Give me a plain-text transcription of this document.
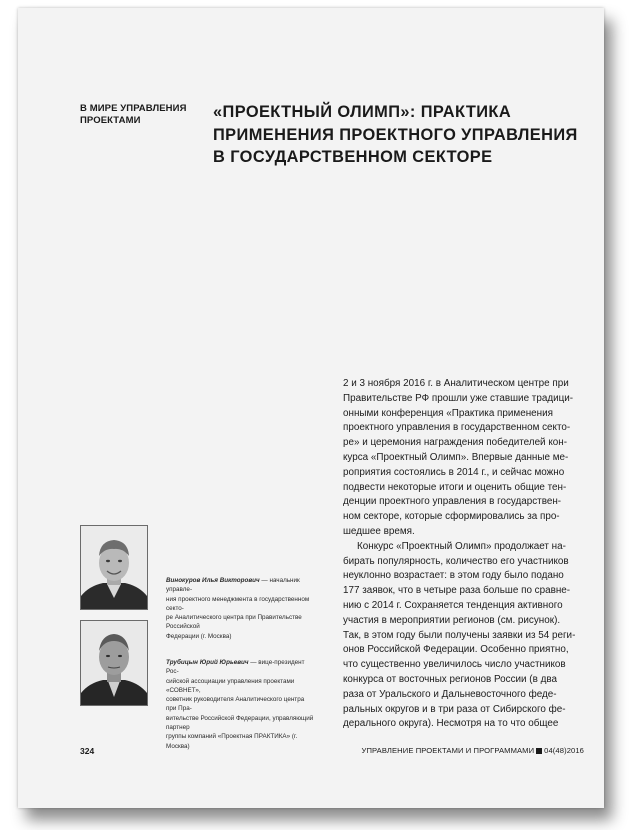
В МИРЕ УПРАВЛЕНИЯ
ПРОЕКТАМИ	«ПРОЕКТНЫЙ ОЛИМП»: ПРАКТИКА
ПРИМЕНЕНИЯ ПРОЕКТНОГО УПРАВЛЕНИЯ
В ГОСУДАРСТВЕННОМ СЕКТОРЕ

2 и 3 ноября 2016 г. в Аналитическом центре при
Правительстве РФ прошли уже ставшие традици-
онными конференция «Практика применения
проектного управления в государственном секто-
ре» и церемония награждения победителей кон-
курса «Проектный Олимп». Впервые данные ме-
роприятия состоялись в 2014 г., и сейчас можно
подвести некоторые итоги и оценить общие тен-
денции проектного управления в государствен-
ном секторе, которые сформировались за про-
шедшее время.

Конкурс «Проектный Олимп» продолжает на-
бирать популярность, количество его участников
неуклонно возрастает: в этом году было подано
177 заявок, что в четыре раза больше по сравне-
нию с 2014 г. Сохраняется тенденция активного
участия в мероприятии регионов (см. рисунок).
Так, в этом году были получены заявки из 54 реги-
онов Российской Федерации. Особенно приятно,
что существенно увеличилось число участников
конкурса от восточных регионов России (в два
раза от Уральского и Дальневосточного феде-
ральных округов и в три раза от Сибирского фе-
дерального округа). Несмотря на то что общее

Винокуров Илья Викторович — начальник управле-
ния проектного менеджмента в государственном секто-
ре Аналитического центра при Правительстве Российской
Федерации (г. Москва)
Трубицын Юрий Юрьевич — вице-президент Рос-
сийской ассоциации управления проектами «СОВНЕТ»,
советник руководителя Аналитического центра при Пра-
вительстве Российской Федерации, управляющий партнер
группы компаний «Проектная ПРАКТИКА» (г. Москва)
324	УПРАВЛЕНИЕ ПРОЕКТАМИ И ПРОГРАММАМИ 04(48)2016
